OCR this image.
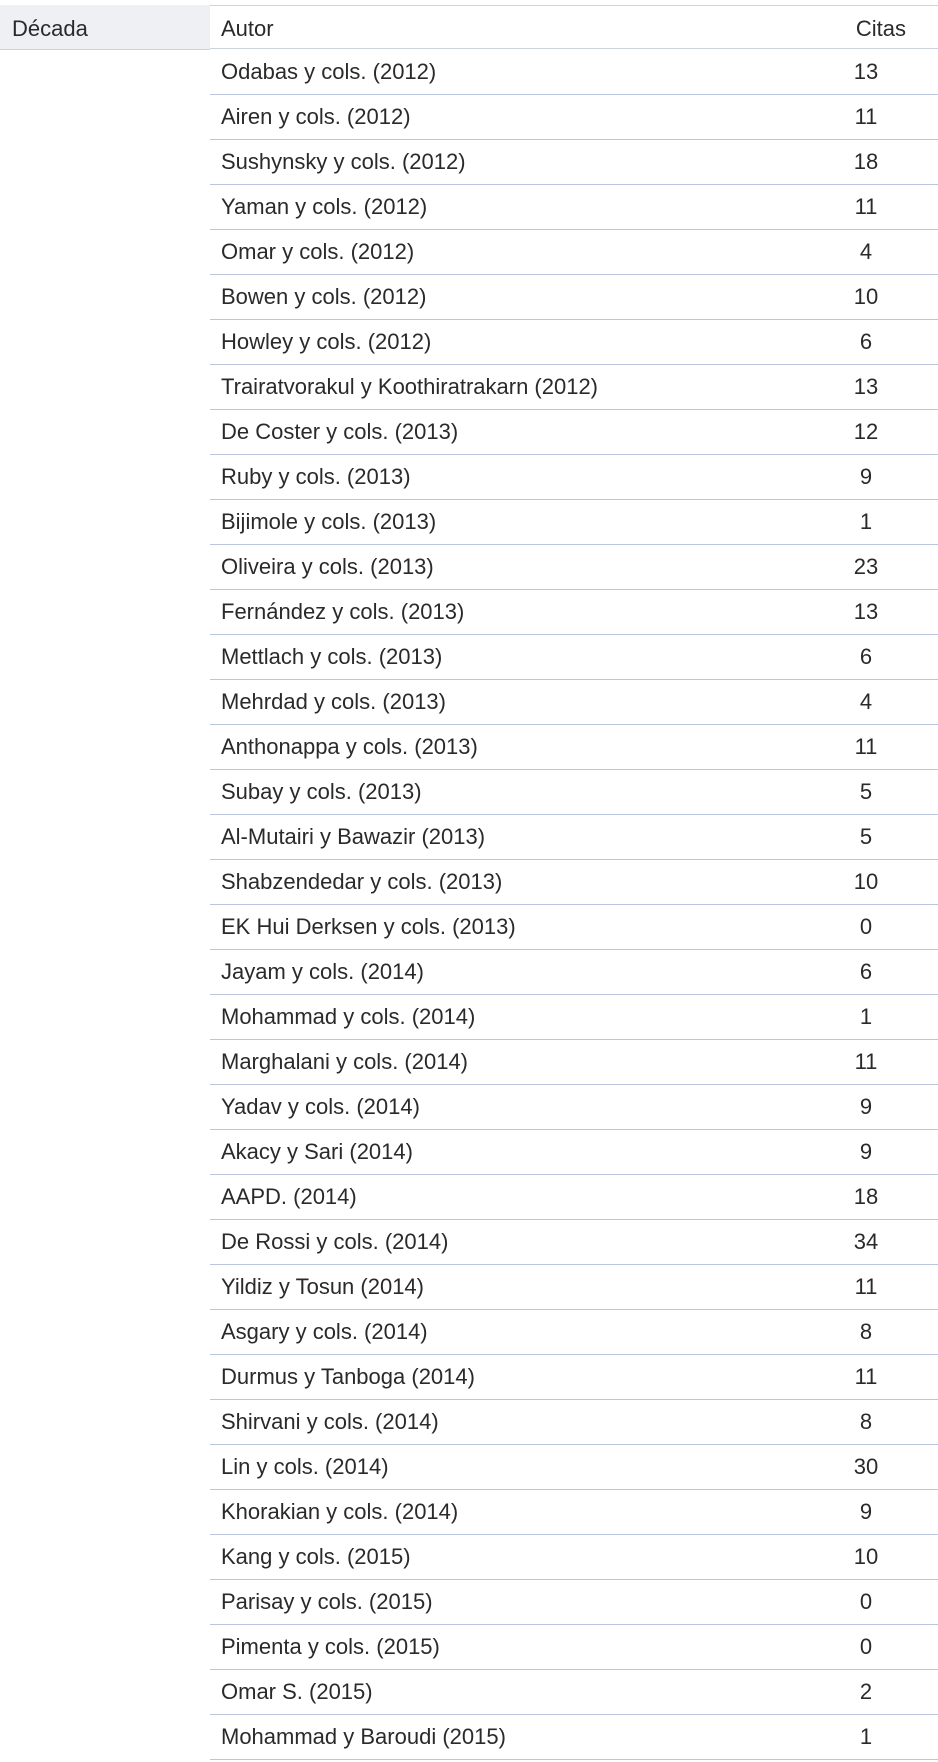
Década	Autor	Citas
Odabas y cols. (2012)	13
Airen y cols. (2012)	11
Sushynsky y cols. (2012)	18
Yaman y cols. (2012)	11
Omar y cols. (2012)	4
Bowen y cols. (2012)	10
Howley y cols. (2012)	6
Trairatvorakul y Koothiratrakarn (2012)	13
De Coster y cols. (2013)	12
Ruby y cols. (2013)	9
Bijimole y cols. (2013)	1
Oliveira y cols. (2013)	23
Fernández y cols. (2013)	13
Mettlach y cols. (2013)	6
Mehrdad y cols. (2013)	4
Anthonappa y cols. (2013)	11
Subay y cols. (2013)	5
Al-Mutairi y Bawazir (2013)	5
Shabzendedar y cols. (2013)	10
EK Hui Derksen y cols. (2013)	0
Jayam y cols. (2014)	6
Mohammad y cols. (2014)	1
Marghalani y cols. (2014)	11
Yadav y cols. (2014)	9
Akacy y Sari (2014)	9
AAPD. (2014)	18
De Rossi y cols. (2014)	34
Yildiz y Tosun (2014)	11
Asgary y cols. (2014)	8
Durmus y Tanboga (2014)	11
Shirvani y cols. (2014)	8
Lin y cols. (2014)	30
Khorakian y cols. (2014)	9
Kang y cols. (2015)	10
Parisay y cols. (2015)	0
Pimenta y cols. (2015)	0
Omar S. (2015)	2
Mohammad y Baroudi (2015)	1
